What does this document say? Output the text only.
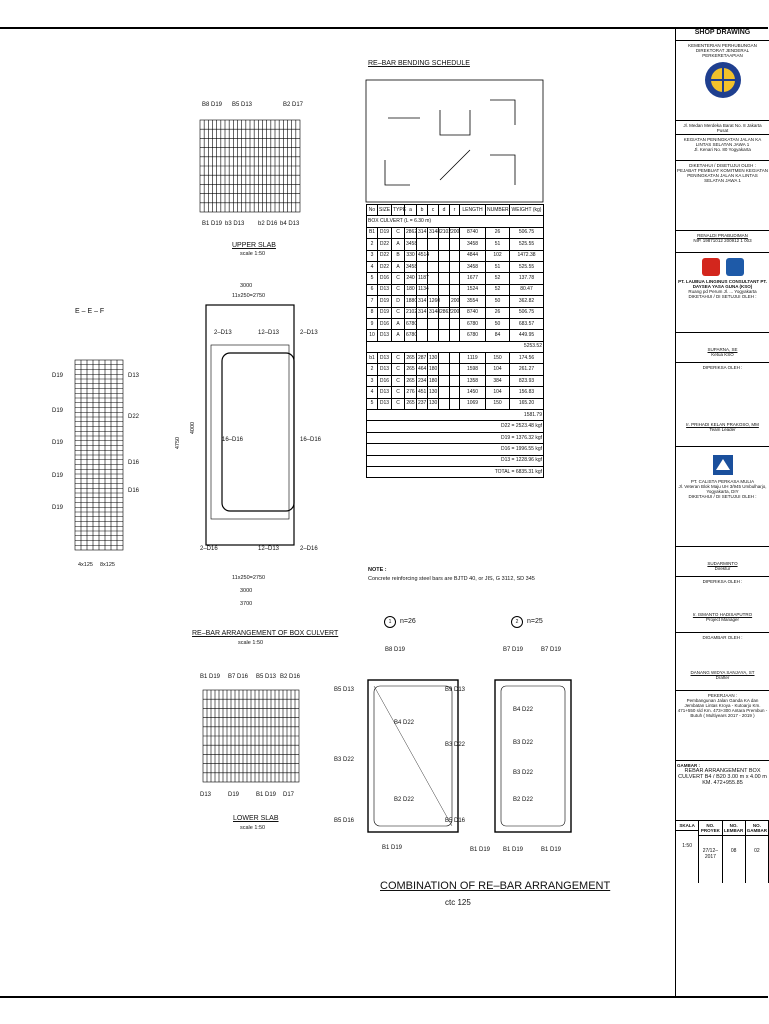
UPPER SLAB
scale 1:50
RE–BAR ARRANGEMENT OF BOX CULVERT
scale 1:50
3000
11x250=2750
11x250=2750
3000
3700
4750
4000
LOWER SLAB
scale 1:50
E – E – F
4x125 8x125
n=26
1	n=25
2
COMBINATION OF RE–BAR ARRANGEMENT
ctc 125
B8 D19 B5 D13	B2 D17
B1 D19 b3 D13 b2 D16 b4 D13
B1 D19 B7 D16 B5 D13 B2 D16
D13	D19	B1 D19 D17
2–D13
16–D16
2–D16
12–D13	2–D13
16–D16
12–D13	2–D16
D19
D19
D19
D19
D19
D13
D22
D16
D16
B8 D19
B5 D13	B9 D13
B4 D22
B3 D22
B3 D22
B2 D22
B5 D16	B5 D16
B1 D19
B7 D19	B7 D19
B4 D22
B3 D22
B3 D22
B2 D22
B1 D19	B1 D19
B1 D19
RE–BAR BENDING SCHEDULE
No	SIZE	TYPE	a	b	c	d	r	LENGTH	NUMBER	WEIGHT (kg)
BOX CULVERT (L = 6.30 m)										
B1	D19	C	2862	314	3148	2102	200	8740	26	506.75
2	D22	A	3458					3458	51	525.55
3	D22	B	330	4514				4844	102	1472.38
4	D22	A	3458					3458	51	525.55
5	D16	C	240	1187				1677	52	137.78
6	D13	C	180	1134				1524	52	80.47
7	D19	D	1880	314	1260		200	3554	50	362.82
8	D19	C	2102	314	3148	2862	200	8740	26	506.75
9	D16	A	6780					6780	50	683.57
10	D13	A	6780					6780	84	449.95
5253.52										
b1	D13	C	265	287	130			1119	150	174.56
2	D13	C	265	464	180			1598	104	261.27
3	D16	C	265	234	180			1358	384	823.93
4	D13	C	276	451	130			1450	104	156.83
5	D13	C	265	237	130			1069	150	165.20
1581.79										
D22 = 2523.48 kgf										
D19 = 1376.32 kgf										
D16 = 1996.55 kgf										
D13 = 1228.96 kgf										
TOTAL = 6835.31 kgf										
NOTE :
Concrete reinforcing steel bars are BJTD 40, or JIS, G 3112, SD 345
SHOP DRAWING
KEMENTERIAN PERHUBUNGAN DIREKTORAT JENDERAL PERKERETAAPIAN
Jl. Medan Merdeka Barat No. 8 Jakarta Pusat
KEGIATAN PENINGKATAN JALAN KA LINTAS SELATAN JAWA 1
Jl. Kenari No. 80 Yogyakarta
DIKETAHUI / DISETUJUI OLEH :
PEJABAT PEMBUAT KOMITMEN KEGIATAN PENINGKATAN JALAN KA LINTAS SELATAN JAWA 1
RENALDI PRABUDIMAN
NIP. 19871012 200912 1 003
PT. LAUBUA LINGINUS CONSULTANT PT. DAYSEA YASA GUNA (KSO)
Ruang pd Perum Jl. ... Yogyakarta
DIKETAHUI / DI SETUJUI OLEH :
SUPARNA, SE
Ketua KSO
DIPERIKSA OLEH :
Ir. PRIHADI KELAN PRAKOSO, MM
Team Leader
PT. CALISTA PERKASA MULIA
Jl. Veteran Blok Maju UH 3/945 Umbulharjo, Yogyakarta, DIY
DIKETAHUI / DI SETUJUI OLEH :
SUDARMINTO
Direktur
DIPERIKSA OLEH :
Ir. ISMANTO HADISAPUTRO
Project Manager
DIGAMBAR OLEH :
DANANG WIDYA SANJAYA, ST
Drafter
PEKERJAAN :
Pembangunan Jalan Ganda KA dan Jembatan Lintas Kroya - Kutoarjo Km. 471+550 s/d Km. 473+300 Antara Prembun - Butuh ( Multiyears 2017 - 2019 )
GAMBAR :
REBAR ARRANGEMENT BOX CULVERT B4 / B20 3.00 m x 4.00 m KM. 472+955.85
SKALA
1:50
NO. PROYEK
27/12–2017
NO. LEMBAR
08
NO. GAMBAR
02
